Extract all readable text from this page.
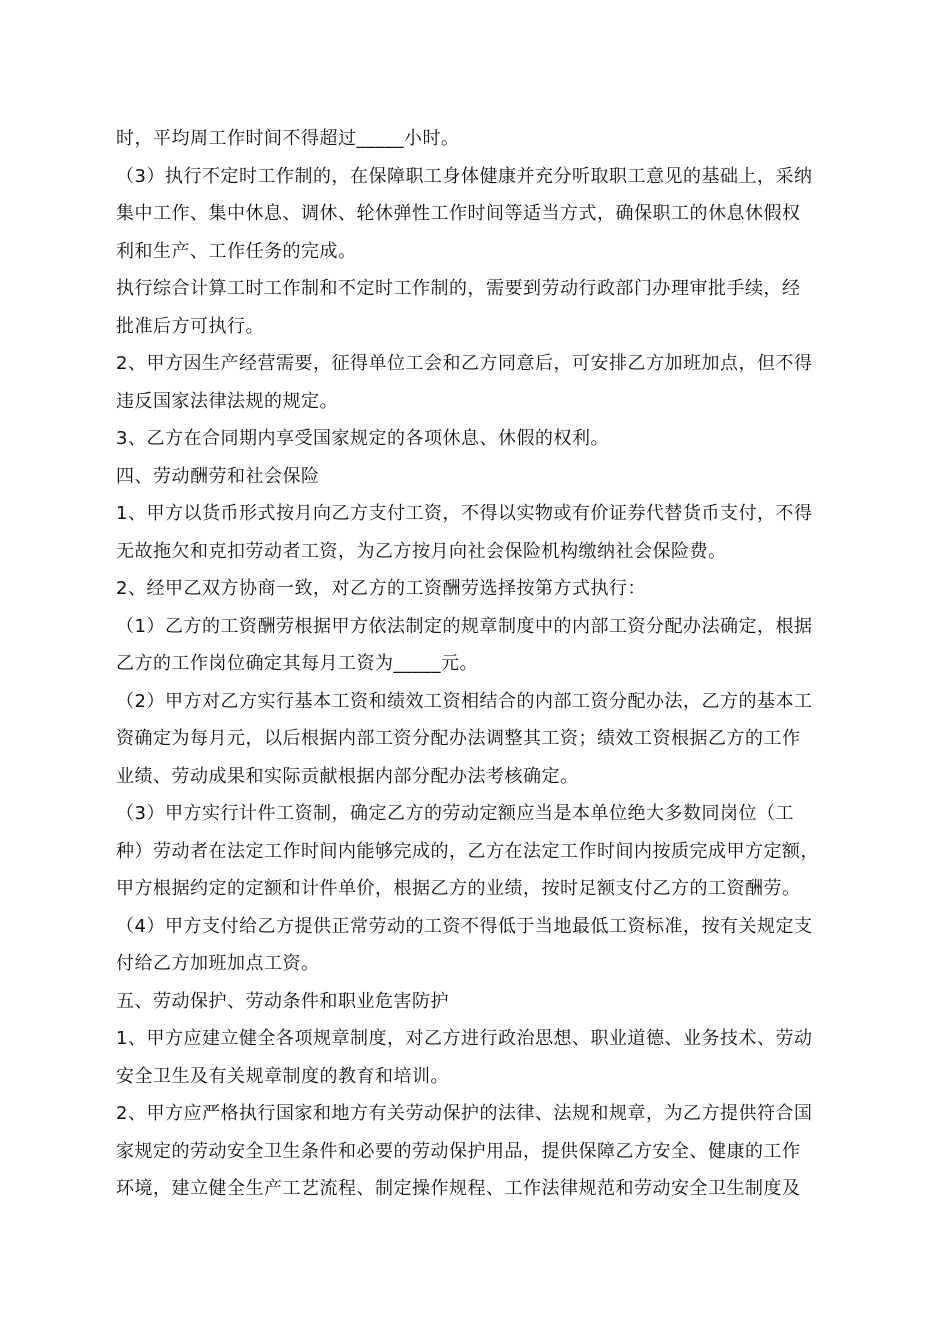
时，平均周工作时间不得超过_____小时。
（3）执行不定时工作制的，在保障职工身体健康并充分听取职工意见的基础上，采纳
集中工作、集中休息、调休、轮休弹性工作时间等适当方式，确保职工的休息休假权
利和生产、工作任务的完成。
执行综合计算工时工作制和不定时工作制的，需要到劳动行政部门办理审批手续，经
批准后方可执行。
2、甲方因生产经营需要，征得单位工会和乙方同意后，可安排乙方加班加点，但不得
违反国家法律法规的规定。
3、乙方在合同期内享受国家规定的各项休息、休假的权利。
四、劳动酬劳和社会保险
1、甲方以货币形式按月向乙方支付工资，不得以实物或有价证券代替货币支付，不得
无故拖欠和克扣劳动者工资，为乙方按月向社会保险机构缴纳社会保险费。
2、经甲乙双方协商一致，对乙方的工资酬劳选择按第方式执行：
（1）乙方的工资酬劳根据甲方依法制定的规章制度中的内部工资分配办法确定，根据
乙方的工作岗位确定其每月工资为_____元。
（2）甲方对乙方实行基本工资和绩效工资相结合的内部工资分配办法，乙方的基本工
资确定为每月元，以后根据内部工资分配办法调整其工资；绩效工资根据乙方的工作
业绩、劳动成果和实际贡献根据内部分配办法考核确定。
（3）甲方实行计件工资制，确定乙方的劳动定额应当是本单位绝大多数同岗位（工
种）劳动者在法定工作时间内能够完成的，乙方在法定工作时间内按质完成甲方定额，
甲方根据约定的定额和计件单价，根据乙方的业绩，按时足额支付乙方的工资酬劳。
（4）甲方支付给乙方提供正常劳动的工资不得低于当地最低工资标准，按有关规定支
付给乙方加班加点工资。
五、劳动保护、劳动条件和职业危害防护
1、甲方应建立健全各项规章制度，对乙方进行政治思想、职业道德、业务技术、劳动
安全卫生及有关规章制度的教育和培训。
2、甲方应严格执行国家和地方有关劳动保护的法律、法规和规章，为乙方提供符合国
家规定的劳动安全卫生条件和必要的劳动保护用品，提供保障乙方安全、健康的工作
环境，建立健全生产工艺流程、制定操作规程、工作法律规范和劳动安全卫生制度及
